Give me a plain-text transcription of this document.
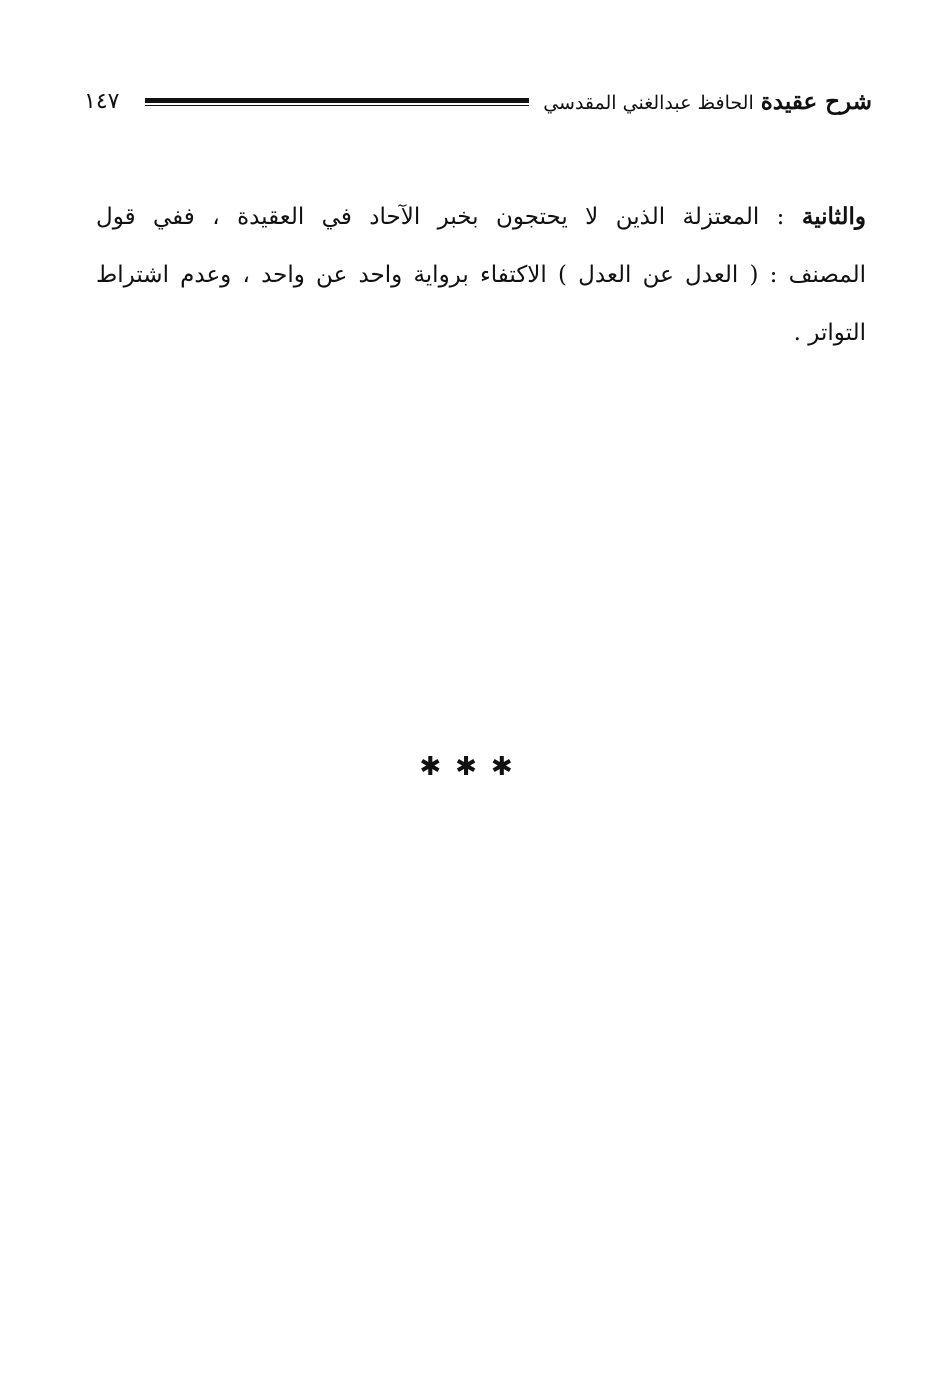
شرح عقيدة الحافظ عبدالغني المقدسي
١٤٧
والثانية : المعتزلة الذين لا يحتجون بخبر الآحاد في العقيدة ، ففي قول
المصنف : ( العدل عن العدل ) الاكتفاء برواية واحد عن واحد ، وعدم اشتراط
التواتر .
✱✱✱
